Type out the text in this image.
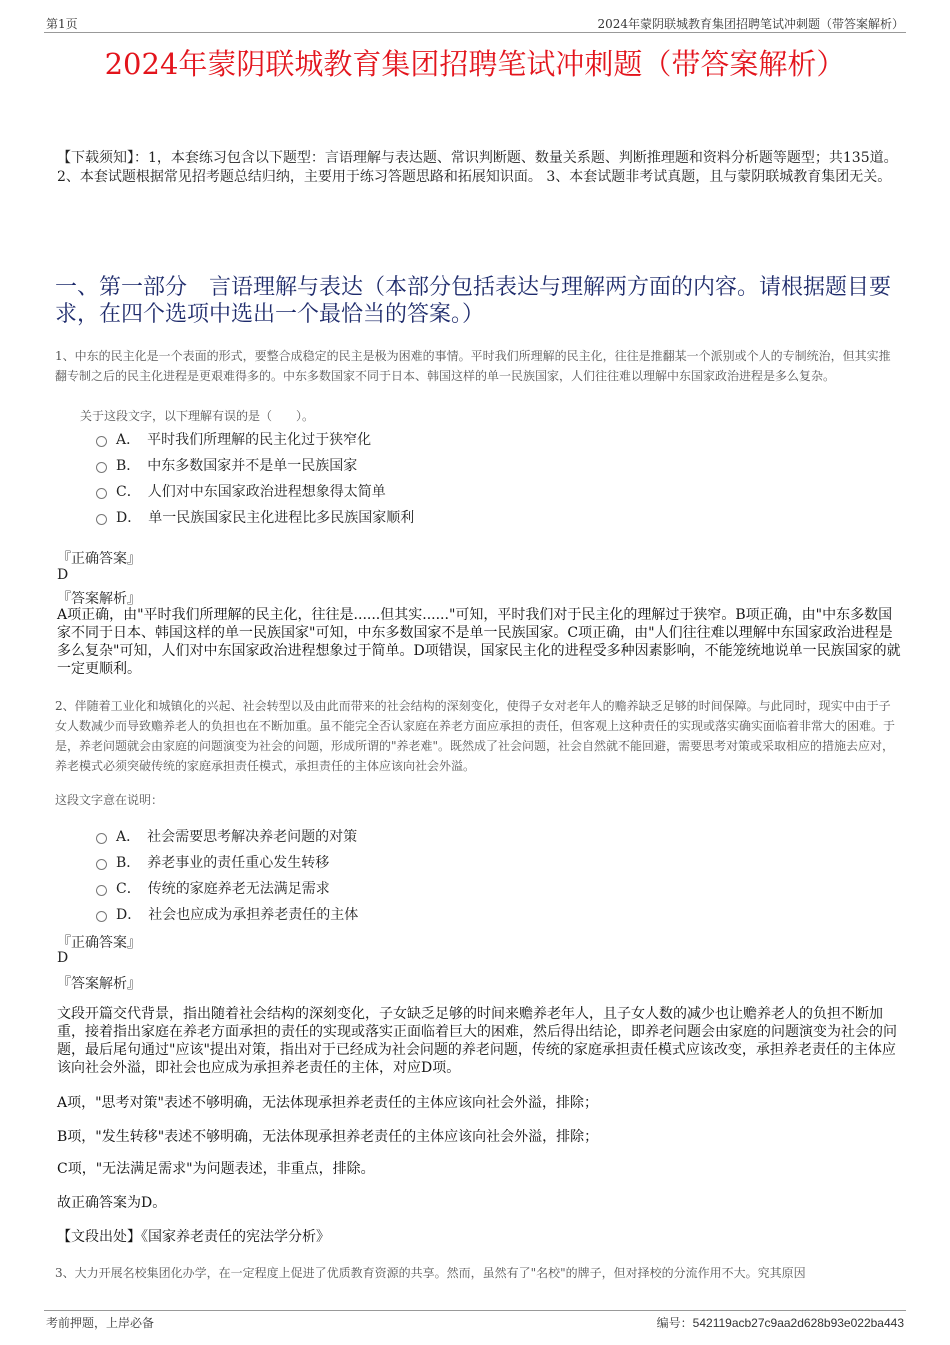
第1页	2024年蒙阴联城教育集团招聘笔试冲刺题（带答案解析）
2024年蒙阴联城教育集团招聘笔试冲刺题（带答案解析）
【下载须知】：1，本套练习包含以下题型：言语理解与表达题、常识判断题、数量关系题、判断推理题和资料分析题等题型；共135道。2、本套试题根据常见招考题总结归纳，主要用于练习答题思路和拓展知识面。 3、本套试题非考试真题，且与蒙阴联城教育集团无关。
一、第一部分　言语理解与表达（本部分包括表达与理解两方面的内容。请根据题目要求，在四个选项中选出一个最恰当的答案。）
1、中东的民主化是一个表面的形式，要整合成稳定的民主是极为困难的事情。平时我们所理解的民主化，往往是推翻某一个派别或个人的专制统治，但其实推翻专制之后的民主化进程是更艰难得多的。中东多数国家不同于日本、韩国这样的单一民族国家，人们往往难以理解中东国家政治进程是多么复杂。
关于这段文字，以下理解有误的是（　　）。
A．　平时我们所理解的民主化过于狭窄化
B．　中东多数国家并不是单一民族国家
C．　人们对中东国家政治进程想象得太简单
D．　单一民族国家民主化进程比多民族国家顺利
『正确答案』
D
『答案解析』
A项正确，由"平时我们所理解的民主化，往往是......但其实......"可知，平时我们对于民主化的理解过于狭窄。B项正确，由"中东多数国家不同于日本、韩国这样的单一民族国家"可知，中东多数国家不是单一民族国家。C项正确，由"人们往往难以理解中东国家政治进程是多么复杂"可知，人们对中东国家政治进程想象过于简单。D项错误，国家民主化的进程受多种因素影响，不能笼统地说单一民族国家的就一定更顺利。
2、伴随着工业化和城镇化的兴起、社会转型以及由此而带来的社会结构的深刻变化，使得子女对老年人的赡养缺乏足够的时间保障。与此同时，现实中由于子女人数减少而导致赡养老人的负担也在不断加重。虽不能完全否认家庭在养老方面应承担的责任，但客观上这种责任的实现或落实确实面临着非常大的困难。于是，养老问题就会由家庭的问题演变为社会的问题，形成所谓的"养老难"。既然成了社会问题，社会自然就不能回避，需要思考对策或采取相应的措施去应对，养老模式必须突破传统的家庭承担责任模式，承担责任的主体应该向社会外溢。
这段文字意在说明：
A．　社会需要思考解决养老问题的对策
B．　养老事业的责任重心发生转移
C．　传统的家庭养老无法满足需求
D．　社会也应成为承担养老责任的主体
『正确答案』
D
『答案解析』
文段开篇交代背景，指出随着社会结构的深刻变化，子女缺乏足够的时间来赡养老年人，且子女人数的减少也让赡养老人的负担不断加重，接着指出家庭在养老方面承担的责任的实现或落实正面临着巨大的困难，然后得出结论，即养老问题会由家庭的问题演变为社会的问题，最后尾句通过"应该"提出对策，指出对于已经成为社会问题的养老问题，传统的家庭承担责任模式应该改变，承担养老责任的主体应该向社会外溢，即社会也应成为承担养老责任的主体，对应D项。
A项，"思考对策"表述不够明确，无法体现承担养老责任的主体应该向社会外溢，排除；
B项，"发生转移"表述不够明确，无法体现承担养老责任的主体应该向社会外溢，排除；
C项，"无法满足需求"为问题表述，非重点，排除。
故正确答案为D。
【文段出处】《国家养老责任的宪法学分析》
3、大力开展名校集团化办学，在一定程度上促进了优质教育资源的共享。然而，虽然有了"名校"的牌子，但对择校的分流作用不大。究其原因
考前押题，上岸必备	编号：542119acb27c9aa2d628b93e022ba443
